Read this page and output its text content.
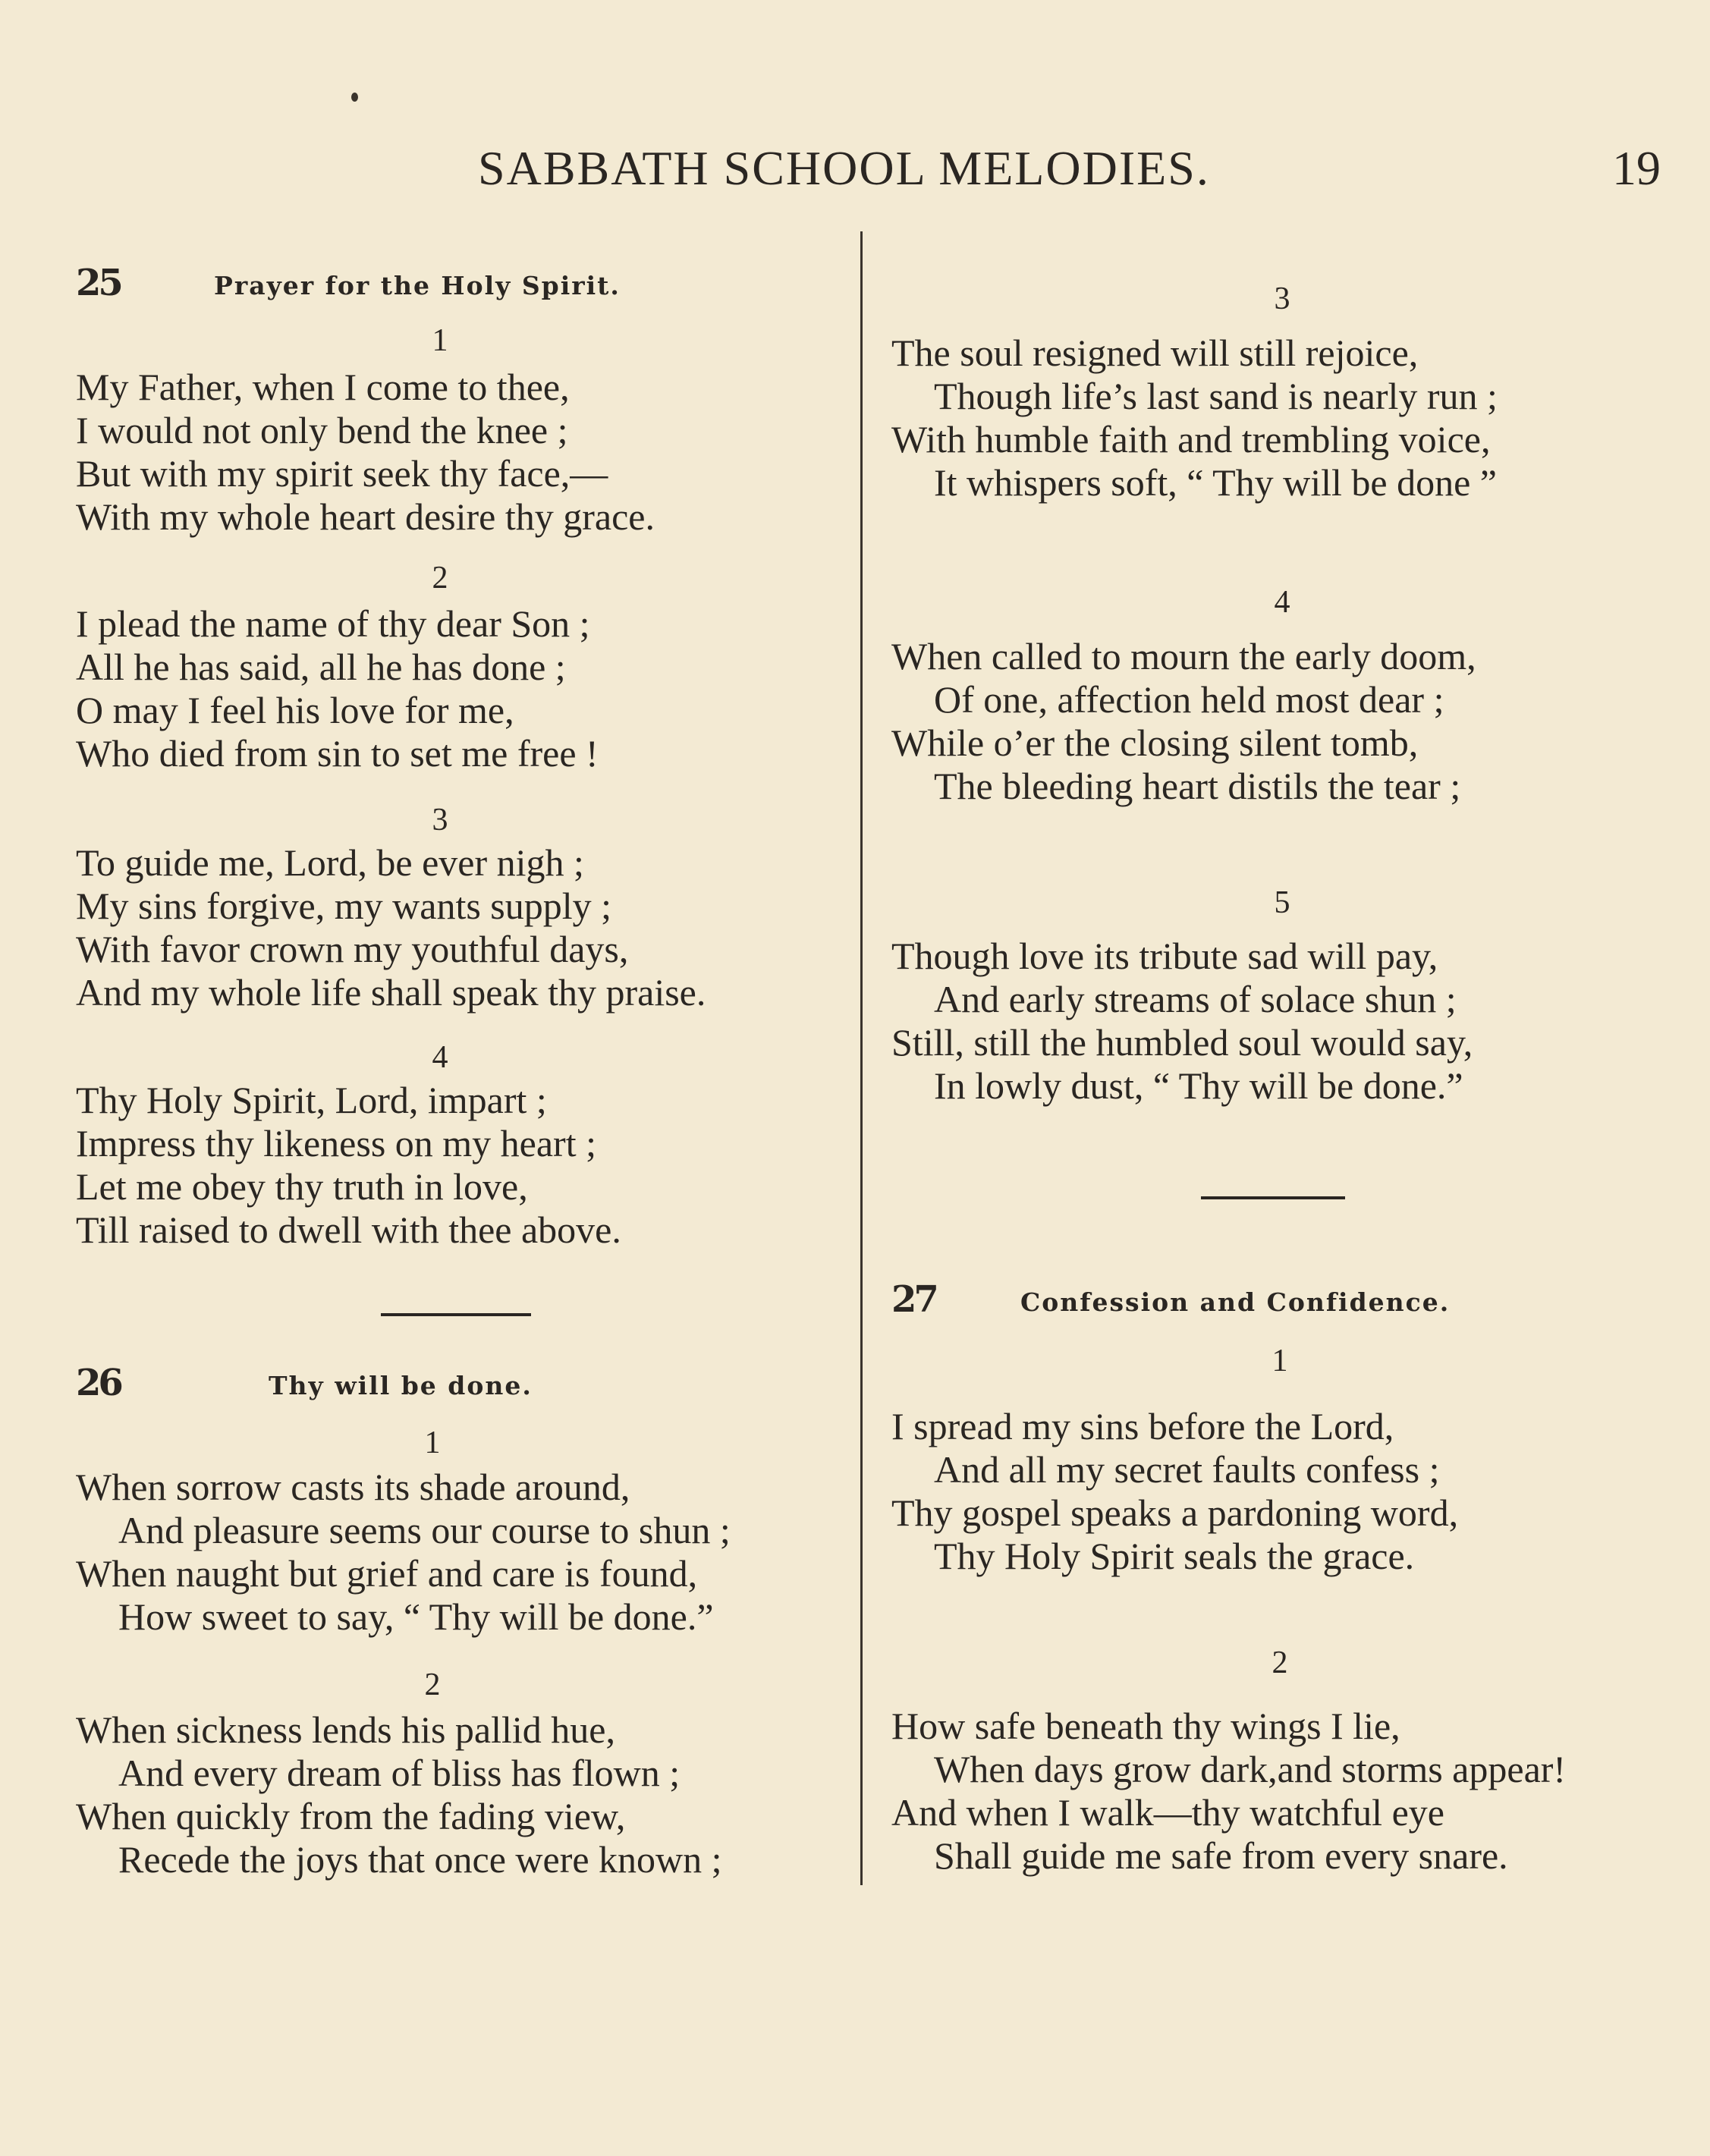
SABBATH SCHOOL MELODIES.	19
25	Prayer for the Holy Spirit.
1
My Father, when I come to thee,
I would not only bend the knee ;
But with my spirit seek thy face,—
With my whole heart desire thy grace.
2
I plead the name of thy dear Son ;
All he has said, all he has done ;
O may I feel his love for me,
Who died from sin to set me free !
3
To guide me, Lord, be ever nigh ;
My sins forgive, my wants supply ;
With favor crown my youthful days,
And my whole life shall speak thy praise.
4
Thy Holy Spirit, Lord, impart ;
Impress thy likeness on my heart ;
Let me obey thy truth in love,
Till raised to dwell with thee above.
26	Thy will be done.
1
When sorrow casts its shade around,
And pleasure seems our course to shun ;
When naught but grief and care is found,
How sweet to say, “ Thy will be done.”
2
When sickness lends his pallid hue,
And every dream of bliss has flown ;
When quickly from the fading view,
Recede the joys that once were known ;
3
The soul resigned will still rejoice,
Though life’s last sand is nearly run ;
With humble faith and trembling voice,
It whispers soft, “ Thy will be done ”
4
When called to mourn the early doom,
Of one, affection held most dear ;
While o’er the closing silent tomb,
The bleeding heart distils the tear ;
5
Though love its tribute sad will pay,
And early streams of solace shun ;
Still, still the humbled soul would say,
In lowly dust, “ Thy will be done.”
27	Confession and Confidence.
1
I spread my sins before the Lord,
And all my secret faults confess ;
Thy gospel speaks a pardoning word,
Thy Holy Spirit seals the grace.
2
How safe beneath thy wings I lie,
When days grow dark,and storms appear!
And when I walk—thy watchful eye
Shall guide me safe from every snare.
